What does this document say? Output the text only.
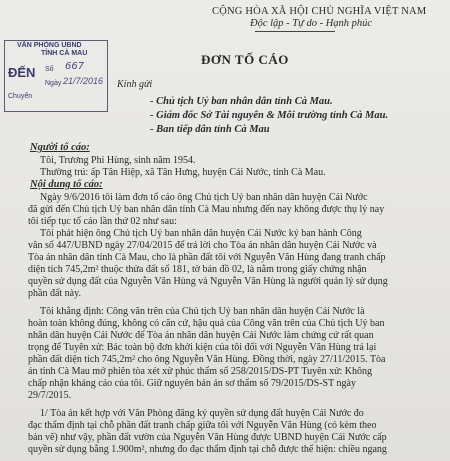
CỘNG HÒA XÃ HỘI CHỦ NGHĨA VIỆT NAM
Độc lập - Tự do - Hạnh phúc
VĂN PHÒNG UBND
TỈNH CÀ MAU
ĐẾN Số 667
Ngày 21/7/2016
Chuyển
ĐƠN TỐ CÁO
Kính gửi
- Chủ tịch Uỷ ban nhân dân tỉnh Cà Mau.
- Giám đốc Sở Tài nguyên & Môi trường tỉnh Cà Mau.
- Ban tiếp dân tỉnh Cà Mau
Người tố cáo:
Tôi, Trương Phi Hùng, sinh năm 1954.
Thường trú: ấp Tân Hiệp, xã Tân Hưng, huyện Cái Nước, tỉnh Cà Mau.
Nội dung tố cáo:
Ngày 9/6/2016 tôi làm đơn tố cáo ông Chủ tịch Uỷ ban nhân dân huyện Cái Nước
đã gửi đến Chủ tịch Uỷ ban nhân dân tỉnh Cà Mau nhưng đến nay không được thụ lý nay
tôi tiếp tục tố cáo lần thứ 02 như sau:
Tôi phát hiện ông Chủ tịch Uỷ ban nhân dân huyện Cái Nước ký ban hành Công
văn số 447/UBND ngày 27/04/2015 để trả lời cho Tòa án nhân dân huyện Cái Nước và
Tòa án nhân dân tỉnh Cà Mau, cho là phần đất tôi với Nguyễn Văn Hùng đang tranh chấp
diện tích 745,2m² thuộc thửa đất số 181, tờ bản đồ 02, là nằm trong giấy chứng nhận
quyền sử dụng đất của Nguyễn Văn Hùng và Nguyễn Văn Hùng là người quản lý sử dụng
phần đất này.
Tôi khẳng định: Công văn trên của Chủ tịch Uỷ ban nhân dân huyện Cái Nước là
hoàn toàn không đúng, không có căn cứ, hậu quả của Công văn trên của Chủ tịch Uỷ ban
nhân dân huyện Cái Nước để Tòa án nhân dân huyện Cái Nước làm chứng cứ rất quan
trọng để Tuyên xử: Bác toàn bộ đơn khởi kiện của tôi đối với Nguyễn Văn Hùng trả lại
phần đất diện tích 745,2m² cho ông Nguyễn Văn Hùng. Đồng thời, ngày 27/11/2015. Tòa
án tỉnh Cà Mau mở phiên tòa xét xử phúc thẩm số 258/2015/DS-PT Tuyên xử: Không
chấp nhận kháng cáo của tôi. Giữ nguyên bản án sơ thẩm số 79/2015/DS-ST ngày
29/7/2015.
1/ Tòa án kết hợp với Văn Phòng đăng ký quyền sử dụng đất huyện Cái Nước đo
đạc thẩm định tại chỗ phần đất tranh chấp giữa tôi với Nguyễn Văn Hùng (có kèm theo
bản vẽ) như vậy, phần đất vườn của Nguyễn Văn Hùng được UBND huyện Cái Nước cấp
quyền sử dụng bằng 1.900m², nhưng đo đạc thẩm định tại chỗ được thể hiện: chiều ngang
